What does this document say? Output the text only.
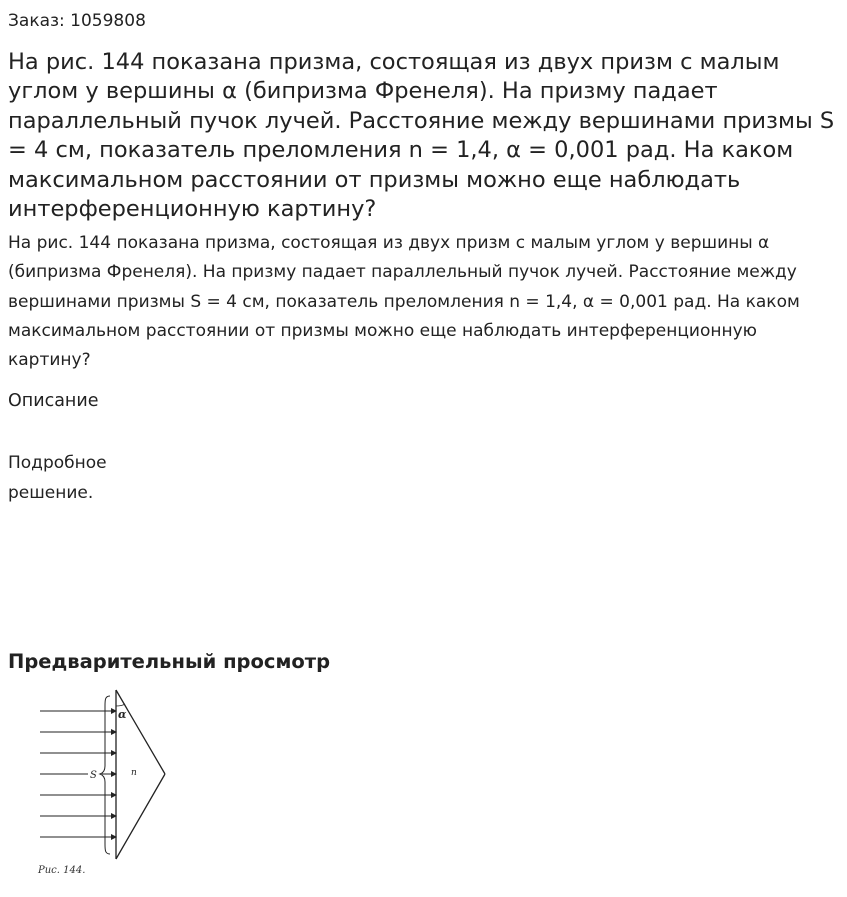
Заказ: 1059808
На рис. 144 показана призма, состоящая из двух призм с малым углом у вершины α (бипризма Френеля). На призму падает параллельный пучок лучей. Расстояние между вершинами призмы S = 4 см, показатель преломления n = 1,4, α = 0,001 рад. На каком максимальном расстоянии от призмы можно еще наблюдать интерференционную картину?

На рис. 144 показана призма, состоящая из двух призм с малым углом у вершины α (бипризма Френеля). На призму падает параллельный пучок лучей. Расстояние между вершинами призмы S = 4 см, показатель преломления n = 1,4, α = 0,001 рад. На каком максимальном расстоянии от призмы можно еще наблюдать интерференционную картину?

Описание

Подробное решение.

Предварительный просмотр
α
S	n
Рис. 144.
